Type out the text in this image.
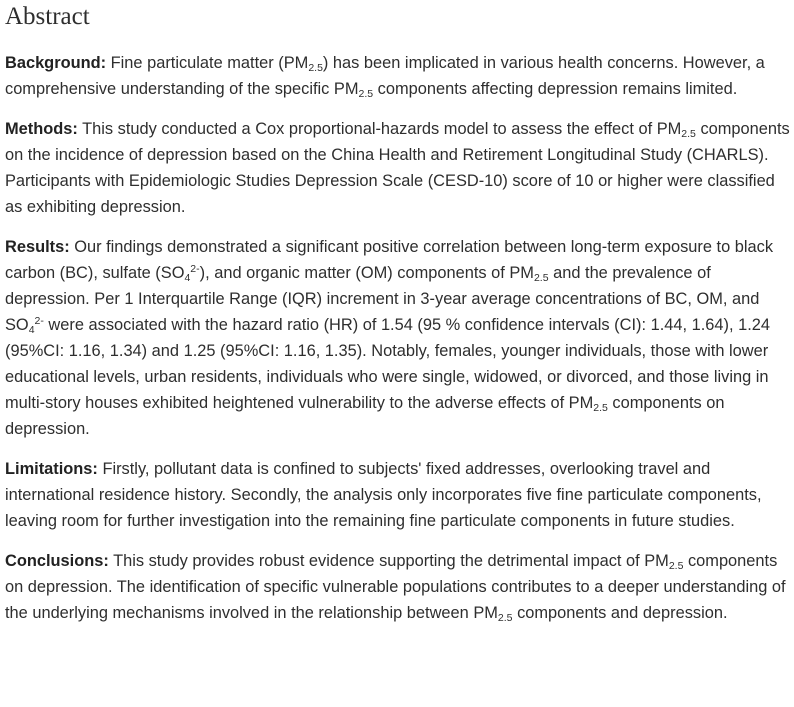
Abstract

Background: Fine particulate matter $(PM_{2.5})$ has been implicated in various health concerns. However, a comprehensive understanding of the specific $PM_{2.5}$ components affecting depression remains limited.

Methods: This study conducted a Cox proportional-hazards model to assess the effect of $PM_{2.5}$ components on the incidence of depression based on the China Health and Retirement Longitudinal Study (CHARLS). Participants with Epidemiologic Studies Depression Scale (CESD-10) score of 10 or higher were classified as exhibiting depression.

Results: Our findings demonstrated a significant positive correlation between long-term exposure to black carbon (BC), sulfate $(SO_4^{2-})$, and organic matter (OM) components of $PM_{2.5}$ and the prevalence of depression. Per 1 Interquartile Range (IQR) increment in 3-year average concentrations of BC, OM, and $SO_4^{2-}$ were associated with the hazard ratio (HR) of 1.54 (95 % confidence intervals (CI): 1.44, 1.64), 1.24 (95%CI: 1.16, 1.34) and 1.25 (95%CI: 1.16, 1.35). Notably, females, younger individuals, those with lower educational levels, urban residents, individuals who were single, widowed, or divorced, and those living in multi-story houses exhibited heightened vulnerability to the adverse effects of $PM_{2.5}$ components on depression.

Limitations: Firstly, pollutant data is confined to subjects' fixed addresses, overlooking travel and international residence history. Secondly, the analysis only incorporates five fine particulate components, leaving room for further investigation into the remaining fine particulate components in future studies.

Conclusions: This study provides robust evidence supporting the detrimental impact of $PM_{2.5}$ components on depression. The identification of specific vulnerable populations contributes to a deeper understanding of the underlying mechanisms involved in the relationship between $PM_{2.5}$ components and depression.
